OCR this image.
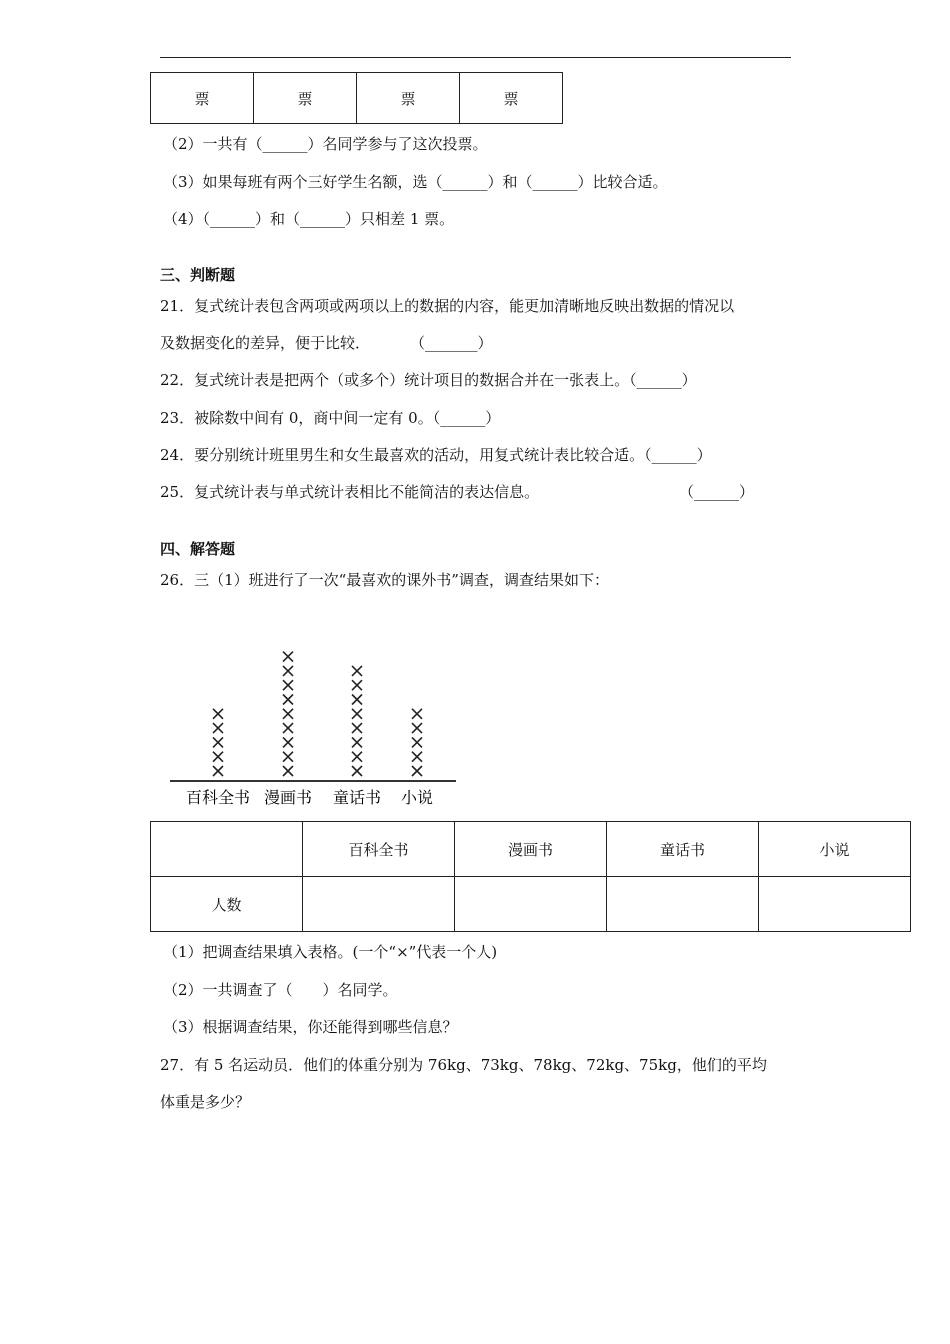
票	票	票	票
（2）一共有（______）名同学参与了这次投票。
（3）如果每班有两个三好学生名额，选（______）和（______）比较合适。
（4）（______）和（______）只相差 1 票。
三、判断题
21．复式统计表包含两项或两项以上的数据的内容，能更加清晰地反映出数据的情况以
及数据变化的差异，便于比较．	（_______）
22．复式统计表是把两个（或多个）统计项目的数据合并在一张表上。（______）
23．被除数中间有 0，商中间一定有 0。（______）
24．要分别统计班里男生和女生最喜欢的活动，用复式统计表比较合适。（______）
25．复式统计表与单式统计表相比不能简洁的表达信息。	（______）
四、解答题
26．三（1）班进行了一次“最喜欢的课外书”调查，调查结果如下：
百科全书 漫画书 童话书 小说
	百科全书	漫画书	童话书	小说
人数				
（1）把调查结果填入表格。(一个“×”代表一个人)
（2）一共调查了（　　）名同学。
（3）根据调查结果，你还能得到哪些信息？
27．有 5 名运动员．他们的体重分别为 76kg、73kg、78kg、72kg、75kg，他们的平均
体重是多少？
